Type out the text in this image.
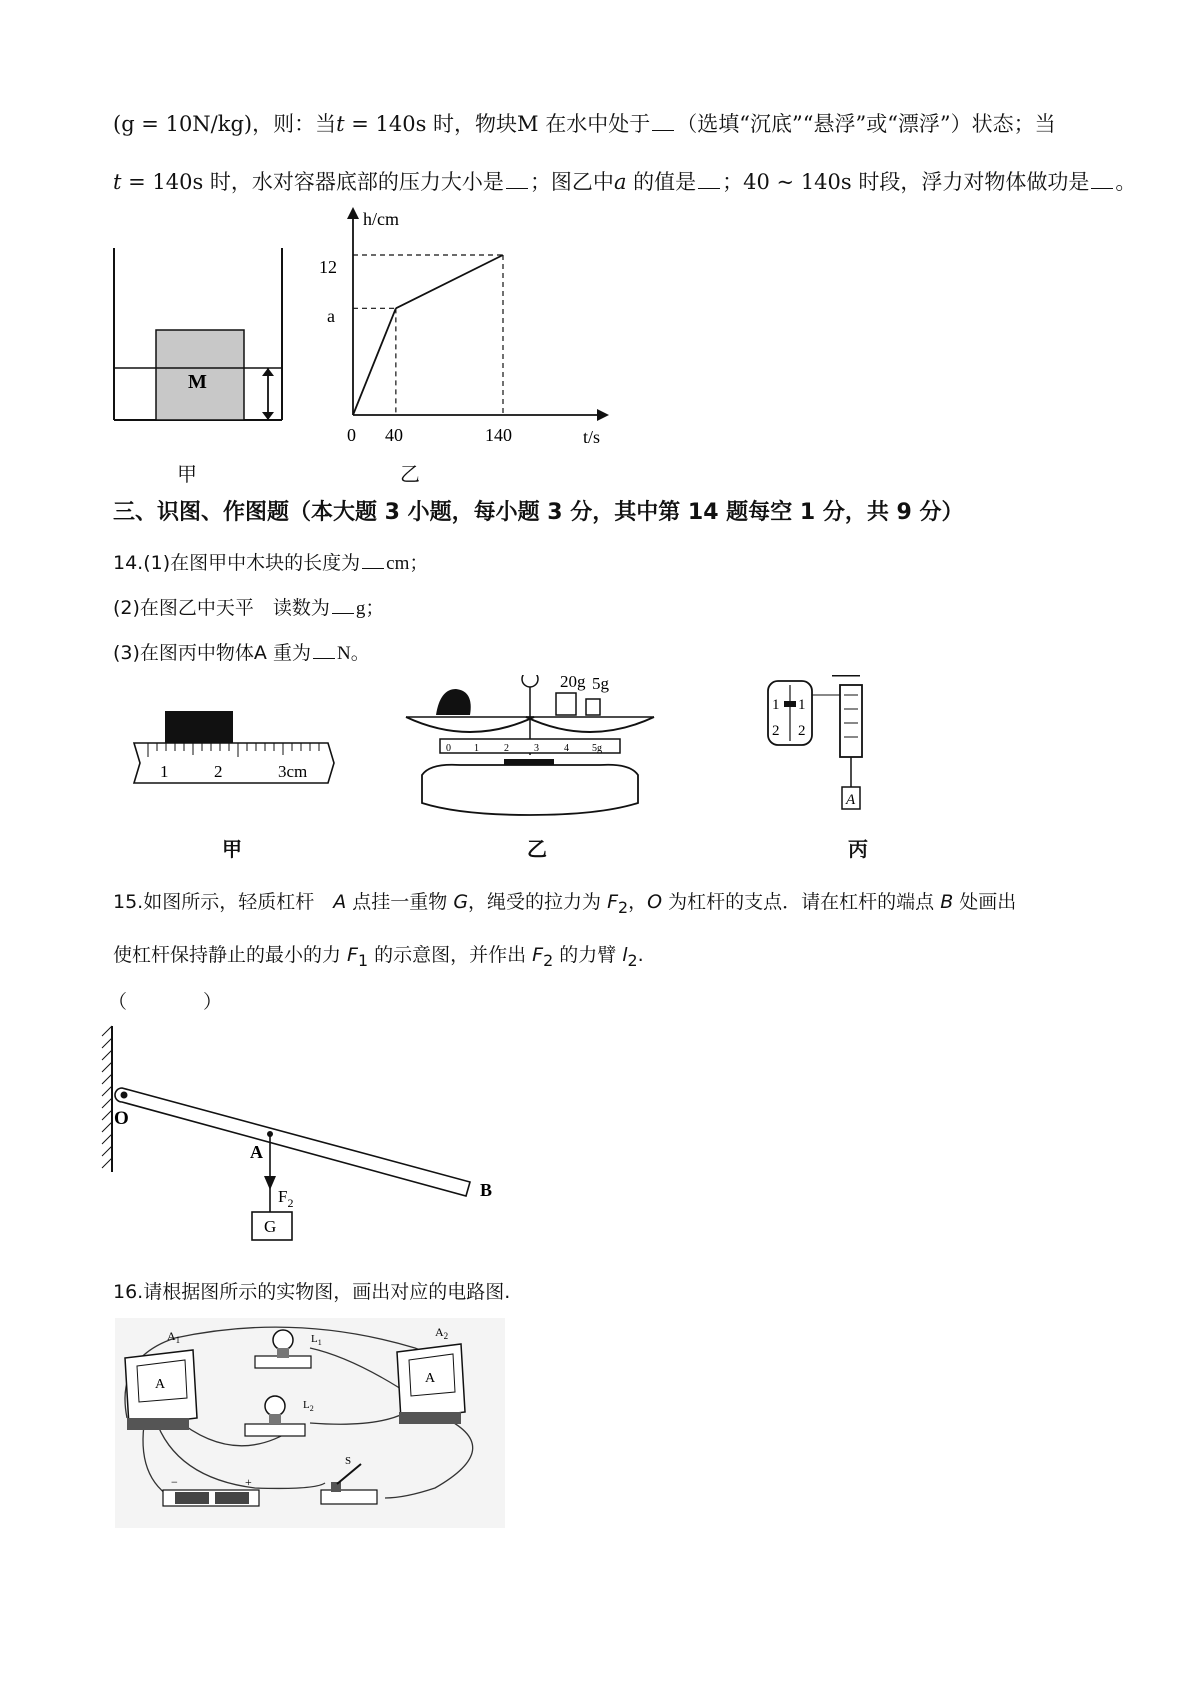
(g = 10N/kg)，则：当t = 140s 时，物块M 在水中处于 （选填“沉底”“悬浮”或“漂浮”）状态；当
t = 140s 时，水对容器底部的压力大小是 ；图乙中a 的值是 ；40 ~ 140s 时段，浮力对物体做功是 。
M
甲
h/cm
t/s
0
12
a
40	140
乙
三、识图、作图题（本大题 3 小题，每小题 3 分，其中第 14 题每空 1 分，共 9 分）
14.(1)在图甲中木块的长度为 cm；
(2)在图乙中天平　读数为 g；
(3)在图丙中物体A 重为 N。
1	2	3cm
20g 5g
0 1	2	3	4 5g
1 1
2 2
A
甲	乙	丙
15.如图所示，轻质杠杆　A 点挂一重物 G，绳受的拉力为 $F_2$，O 为杠杆的支点．请在杠杆的端点 B 处画出
使杠杆保持静止的最小的力 $F_1$ 的示意图，并作出 $F_2$ 的力臂 $l_2$.
（　　　　）
O
A
B
$F_2$
G
16.请根据图所示的实物图，画出对应的电路图.
A
$A_1$
A
$A_2$
$L_1$
$L_2$
−	+
S
